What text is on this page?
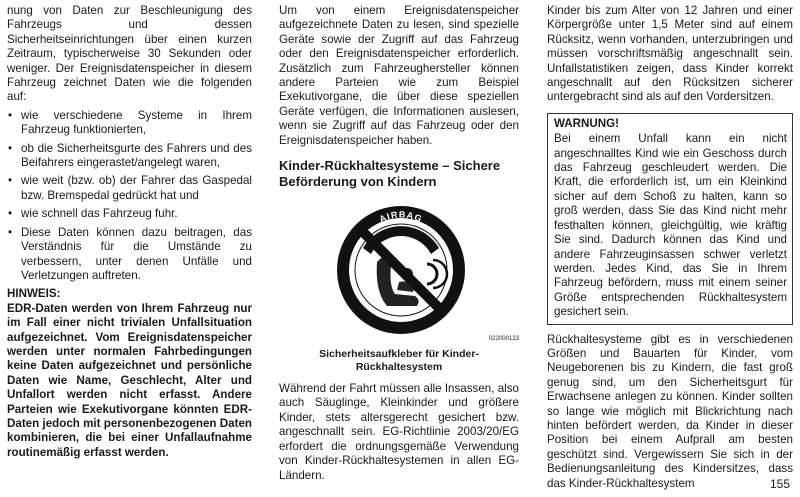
nung von Daten zur Beschleunigung des Fahrzeugs und dessen Sicherheitseinrichtungen über einen kurzen Zeitraum, typischerweise 30 Sekunden oder weniger. Der Ereignisdatenspeicher in diesem Fahrzeug zeichnet Daten wie die folgenden auf:

• wie verschiedene Systeme in Ihrem Fahrzeug funktionierten,
• ob die Sicherheitsgurte des Fahrers und des Beifahrers eingerastet/angelegt waren,
• wie weit (bzw. ob) der Fahrer das Gaspedal bzw. Bremspedal gedrückt hat und
• wie schnell das Fahrzeug fuhr.
• Diese Daten können dazu beitragen, das Verständnis für die Umstände zu verbessern, unter denen Unfälle und Verletzungen auftreten.
HINWEIS:

EDR-Daten werden von Ihrem Fahrzeug nur im Fall einer nicht trivialen Unfallsituation aufgezeichnet. Vom Ereignisdatenspeicher werden unter normalen Fahrbedingungen keine Daten aufgezeichnet und persönliche Daten wie Name, Geschlecht, Alter und Unfallort werden nicht erfasst. Andere Parteien wie Exekutivorgane könnten EDR-Daten jedoch mit personenbezogenen Daten kombinieren, die bei einer Unfallaufnahme routinemäßig erfasst werden.

Um von einem Ereignisdatenspeicher aufgezeichnete Daten zu lesen, sind spezielle Geräte sowie der Zugriff auf das Fahrzeug oder den Ereignisdatenspeicher erforderlich. Zusätzlich zum Fahrzeughersteller können andere Parteien wie zum Beispiel Exekutivorgane, die über diese speziellen Geräte verfügen, die Informationen auslesen, wenn sie Zugriff auf das Fahrzeug oder den Ereignisdatenspeicher haben.

Kinder-Rückhaltesysteme – Sichere Beförderung von Kindern
AIRBAG
022000123
Sicherheitsaufkleber für Kinder-Rückhaltesystem

Während der Fahrt müssen alle Insassen, also auch Säuglinge, Kleinkinder und größere Kinder, stets altersgerecht gesichert bzw. angeschnallt sein. EG-Richtlinie 2003/20/EG erfordert die ordnungsgemäße Verwendung von Kinder-Rückhaltesystemen in allen EG-Ländern.

Kinder bis zum Alter von 12 Jahren und einer Körpergröße unter 1,5 Meter sind auf einem Rücksitz, wenn vorhanden, unterzubringen und müssen vorschriftsmäßig angeschnallt sein. Unfallstatistiken zeigen, dass Kinder korrekt angeschnallt auf den Rücksitzen sicherer untergebracht sind als auf den Vordersitzen.

WARNUNG!

Bei einem Unfall kann ein nicht angeschnalltes Kind wie ein Geschoss durch das Fahrzeug geschleudert werden. Die Kraft, die erforderlich ist, um ein Kleinkind sicher auf dem Schoß zu halten, kann so groß werden, dass Sie das Kind nicht mehr festhalten können, gleichgültig, wie kräftig Sie sind. Dadurch können das Kind und andere Fahrzeuginsassen schwer verletzt werden. Jedes Kind, das Sie in Ihrem Fahrzeug befördern, muss mit einem seiner Größe entsprechenden Rückhaltesystem gesichert sein.

Rückhaltesysteme gibt es in verschiedenen Größen und Bauarten für Kinder, vom Neugeborenen bis zu Kindern, die fast groß genug sind, um den Sicherheitsgurt für Erwachsene anlegen zu können. Kinder sollten so lange wie möglich mit Blickrichtung nach hinten befördert werden, da Kinder in dieser Position bei einem Aufprall am besten geschützt sind. Vergewissern Sie sich in der Bedienungsanleitung des Kindersitzes, dass das Kinder-Rückhaltesystem	155
